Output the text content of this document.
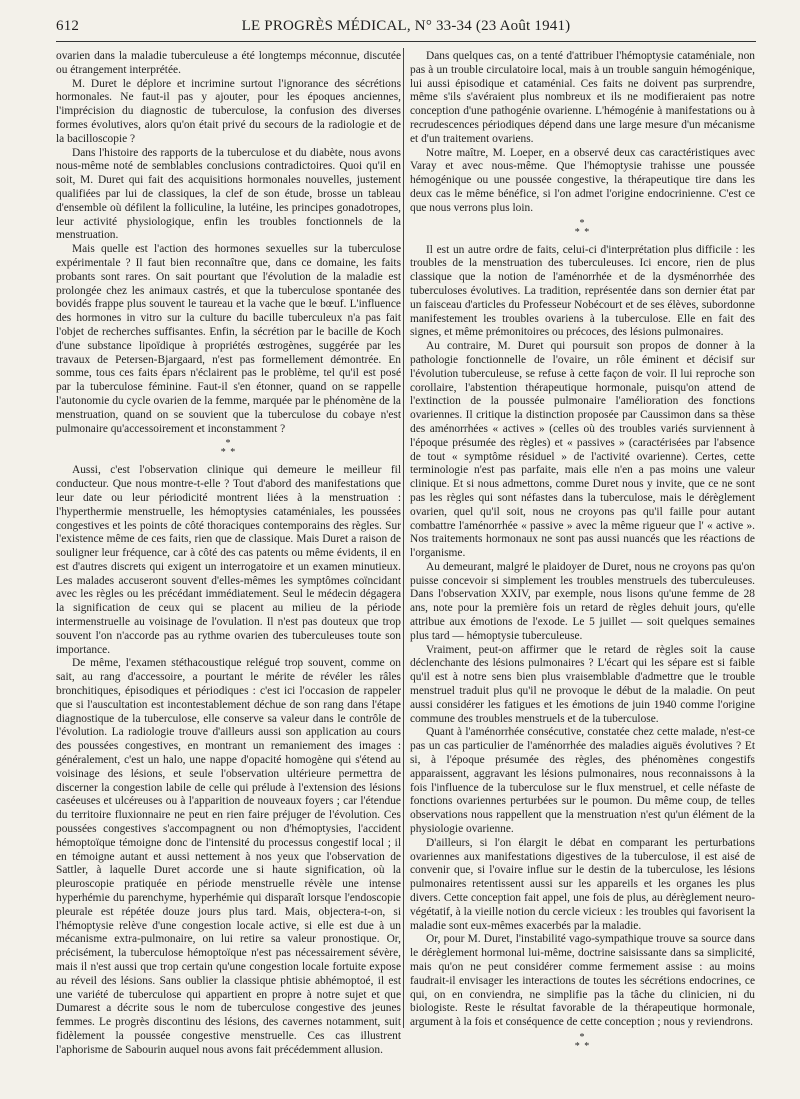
612	LE PROGRÈS MÉDICAL, N° 33-34 (23 Août 1941)

ovarien dans la maladie tuberculeuse a été longtemps méconnue, discutée ou étrangement interprétée.

M. Duret le déplore et incrimine surtout l'ignorance des sécrétions hormonales. Ne faut-il pas y ajouter, pour les époques anciennes, l'imprécision du diagnostic de tuberculose, la confusion des diverses formes évolutives, alors qu'on était privé du secours de la radiologie et de la bacilloscopie ?

Dans l'histoire des rapports de la tuberculose et du diabète, nous avons nous-même noté de semblables conclusions contradictoires. Quoi qu'il en soit, M. Duret qui fait des acquisitions hormonales nouvelles, justement qualifiées par lui de classiques, la clef de son étude, brosse un tableau d'ensemble où défilent la folliculine, la lutéine, les principes gonadotropes, leur activité physiologique, enfin les troubles fonctionnels de la menstruation.

Mais quelle est l'action des hormones sexuelles sur la tuberculose expérimentale ? Il faut bien reconnaître que, dans ce domaine, les faits probants sont rares. On sait pourtant que l'évolution de la maladie est prolongée chez les animaux castrés, et que la tuberculose spontanée des bovidés frappe plus souvent le taureau et la vache que le bœuf. L'influence des hormones in vitro sur la culture du bacille tuberculeux n'a pas fait l'objet de recherches suffisantes. Enfin, la sécrétion par le bacille de Koch d'une substance lipoïdique à propriétés œstrogènes, suggérée par les travaux de Petersen-Bjargaard, n'est pas formellement démontrée. En somme, tous ces faits épars n'éclairent pas le problème, tel qu'il est posé par la tuberculose féminine. Faut-il s'en étonner, quand on se rappelle l'autonomie du cycle ovarien de la femme, marquée par le phénomène de la menstruation, quand on se souvient que la tuberculose du cobaye n'est pulmonaire qu'accessoirement et inconstamment ?

*
* *

Aussi, c'est l'observation clinique qui demeure le meilleur fil conducteur. Que nous montre-t-elle ? Tout d'abord des manifestations que leur date ou leur périodicité montrent liées à la menstruation : l'hyperthermie menstruelle, les hémoptysies cataméniales, les poussées congestives et les points de côté thoraciques contemporains des règles. Sur l'existence même de ces faits, rien que de classique. Mais Duret a raison de souligner leur fréquence, car à côté des cas patents ou même évidents, il en est d'autres discrets qui exigent un interrogatoire et un examen minutieux. Les malades accuseront souvent d'elles-mêmes les symptômes coïncidant avec les règles ou les précédant immédiatement. Seul le médecin dégagera la signification de ceux qui se placent au milieu de la période intermenstruelle au voisinage de l'ovulation. Il n'est pas douteux que trop souvent l'on n'accorde pas au rythme ovarien des tuberculeuses toute son importance.

De même, l'examen stéthacoustique relégué trop souvent, comme on sait, au rang d'accessoire, a pourtant le mérite de révéler les râles bronchitiques, épisodiques et périodiques : c'est ici l'occasion de rappeler que si l'auscultation est incontestablement déchue de son rang dans l'étape diagnostique de la tuberculose, elle conserve sa valeur dans le contrôle de l'évolution. La radiologie trouve d'ailleurs aussi son application au cours des poussées congestives, en montrant un remaniement des images : généralement, c'est un halo, une nappe d'opacité homogène qui s'étend au voisinage des lésions, et seule l'observation ultérieure permettra de discerner la congestion labile de celle qui prélude à l'extension des lésions caséeuses et ulcéreuses ou à l'apparition de nouveaux foyers ; car l'étendue du territoire fluxionnaire ne peut en rien faire préjuger de l'évolution. Ces poussées congestives s'accompagnent ou non d'hémoptysies, l'accident hémoptoïque témoigne donc de l'intensité du processus congestif local ; il en témoigne autant et aussi nettement à nos yeux que l'observation de Sattler, à laquelle Duret accorde une si haute signification, où la pleuroscopie pratiquée en période menstruelle révèle une intense hyperhémie du parenchyme, hyperhémie qui disparaît lorsque l'endoscopie pleurale est répétée douze jours plus tard. Mais, objectera-t-on, si l'hémoptysie relève d'une congestion locale active, si elle est due à un mécanisme extra-pulmonaire, on lui retire sa valeur pronostique. Or, précisément, la tuberculose hémoptoïque n'est pas nécessairement sévère, mais il n'est aussi que trop certain qu'une congestion locale fortuite expose au réveil des lésions. Sans oublier la classique phtisie abhémoptoé, il est une variété de tuberculose qui appartient en propre à notre sujet et que Dumarest a décrite sous le nom de tuberculose congestive des jeunes femmes. Le progrès discontinu des lésions, des cavernes notamment, suit fidèlement la poussée congestive menstruelle. Ces cas illustrent l'aphorisme de Sabourin auquel nous avons fait précédemment allusion.

Dans quelques cas, on a tenté d'attribuer l'hémoptysie cataméniale, non pas à un trouble circulatoire local, mais à un trouble sanguin hémogénique, lui aussi épisodique et cataménial. Ces faits ne doivent pas surprendre, même s'ils s'avéraient plus nombreux et ils ne modifieraient pas notre conception d'une pathogénie ovarienne. L'hémogénie à manifestations ou à recrudescences périodiques dépend dans une large mesure d'un mécanisme et d'un traitement ovariens.

Notre maître, M. Loeper, en a observé deux cas caractéristiques avec Varay et avec nous-même. Que l'hémoptysie trahisse une poussée hémogénique ou une poussée congestive, la thérapeutique tire dans les deux cas le même bénéfice, si l'on admet l'origine endocrinienne. C'est ce que nous verrons plus loin.

*
* *

Il est un autre ordre de faits, celui-ci d'interprétation plus difficile : les troubles de la menstruation des tuberculeuses. Ici encore, rien de plus classique que la notion de l'aménorrhée et de la dysménorrhée des tuberculoses évolutives. La tradition, représentée dans son dernier état par un faisceau d'articles du Professeur Nobécourt et de ses élèves, subordonne manifestement les troubles ovariens à la tuberculose. Elle en fait des signes, et même prémonitoires ou précoces, des lésions pulmonaires.

Au contraire, M. Duret qui poursuit son propos de donner à la pathologie fonctionnelle de l'ovaire, un rôle éminent et décisif sur l'évolution tuberculeuse, se refuse à cette façon de voir. Il lui reproche son corollaire, l'abstention thérapeutique hormonale, puisqu'on attend de l'extinction de la poussée pulmonaire l'amélioration des fonctions ovariennes. Il critique la distinction proposée par Caussimon dans sa thèse des aménorrhées « actives » (celles où des troubles variés surviennent à l'époque présumée des règles) et « passives » (caractérisées par l'absence de tout « symptôme résiduel » de l'activité ovarienne). Certes, cette terminologie n'est pas parfaite, mais elle n'en a pas moins une valeur clinique. Et si nous admettons, comme Duret nous y invite, que ce ne sont pas les règles qui sont néfastes dans la tuberculose, mais le dérèglement ovarien, quel qu'il soit, nous ne croyons pas qu'il faille pour autant combattre l'aménorrhée « passive » avec la même rigueur que l' « active ». Nos traitements hormonaux ne sont pas aussi nuancés que les réactions de l'organisme.

Au demeurant, malgré le plaidoyer de Duret, nous ne croyons pas qu'on puisse concevoir si simplement les troubles menstruels des tuberculeuses. Dans l'observation XXIV, par exemple, nous lisons qu'une femme de 28 ans, note pour la première fois un retard de règles dehuit jours, qu'elle attribue aux émotions de l'exode. Le 5 juillet — soit quelques semaines plus tard — hémoptysie tuberculeuse.

Vraiment, peut-on affirmer que le retard de règles soit la cause déclenchante des lésions pulmonaires ? L'écart qui les sépare est si faible qu'il est à notre sens bien plus vraisemblable d'admettre que le trouble menstruel traduit plus qu'il ne provoque le début de la maladie. On peut aussi considérer les fatigues et les émotions de juin 1940 comme l'origine commune des troubles menstruels et de la tuberculose.

Quant à l'aménorrhée consécutive, constatée chez cette malade, n'est-ce pas un cas particulier de l'aménorrhée des maladies aiguës évolutives ? Et si, à l'époque présumée des règles, des phénomènes congestifs apparaissent, aggravant les lésions pulmonaires, nous reconnaissons à la fois l'influence de la tuberculose sur le flux menstruel, et celle néfaste de fonctions ovariennes perturbées sur le poumon. Du même coup, de telles observations nous rappellent que la menstruation n'est qu'un élément de la physiologie ovarienne.

D'ailleurs, si l'on élargit le débat en comparant les perturbations ovariennes aux manifestations digestives de la tuberculose, il est aisé de convenir que, si l'ovaire influe sur le destin de la tuberculose, les lésions pulmonaires retentissent aussi sur les appareils et les organes les plus divers. Cette conception fait appel, une fois de plus, au dérèglement neuro-végétatif, à la vieille notion du cercle vicieux : les troubles qui favorisent la maladie sont eux-mêmes exacerbés par la maladie.

Or, pour M. Duret, l'instabilité vago-sympathique trouve sa source dans le dérèglement hormonal lui-même, doctrine saisissante dans sa simplicité, mais qu'on ne peut considérer comme fermement assise : au moins faudrait-il envisager les interactions de toutes les sécrétions endocrines, ce qui, on en conviendra, ne simplifie pas la tâche du clinicien, ni du biologiste. Reste le résultat favorable de la thérapeutique hormonale, argument à la fois et conséquence de cette conception ; nous y reviendrons.

*
* *
